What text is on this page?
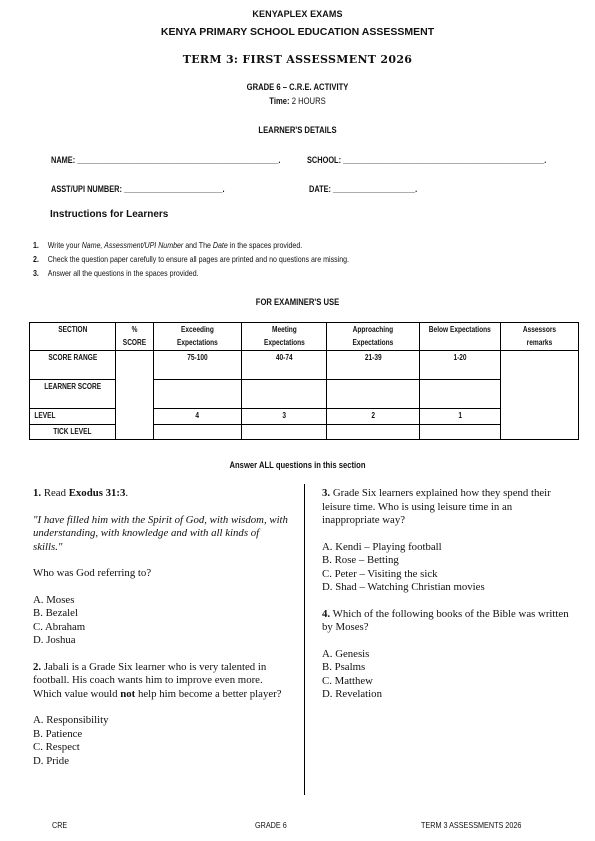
KENYAPLEX EXAMS
KENYA PRIMARY SCHOOL EDUCATION ASSESSMENT
TERM 3: FIRST ASSESSMENT 2026
GRADE 6 – C.R.E. ACTIVITY
Time: 2 HOURS
LEARNER'S DETAILS
NAME: _________________________________________________.	SCHOOL: _________________________________________________.
ASST/UPI NUMBER: ________________________.	DATE: ____________________.
Instructions for Learners
1. Write your Name, Assessment/UPI Number and The Date in the spaces provided.
2. Check the question paper carefully to ensure all pages are printed and no questions are missing.
3. Answer all the questions in the spaces provided.
FOR EXAMINER'S USE
SECTION	% SCORE	Exceeding Expectations	Meeting Expectations	Approaching Expectations	Below Expectations	Assessors remarks
SCORE RANGE		75-100	40-74	21-39	1-20	
LEARNER SCORE						
LEVEL		4	3	2	1	
TICK LEVEL						
Answer ALL questions in this section

1. Read Exodus 31:3.

"I have filled him with the Spirit of God, with wisdom, with understanding, with knowledge and with all kinds of skills."

Who was God referring to?

A. Moses

B. Bezalel

C. Abraham

D. Joshua

2. Jabali is a Grade Six learner who is very talented in football. His coach wants him to improve even more. Which value would not help him become a better player?

A. Responsibility

B. Patience

C. Respect

D. Pride

3. Grade Six learners explained how they spend their leisure time. Who is using leisure time in an inappropriate way?

A. Kendi – Playing football

B. Rose – Betting

C. Peter – Visiting the sick

D. Shad – Watching Christian movies

4. Which of the following books of the Bible was written by Moses?

A. Genesis

B. Psalms

C. Matthew

D. Revelation

CRE	GRADE 6	TERM 3 ASSESSMENTS 2026
